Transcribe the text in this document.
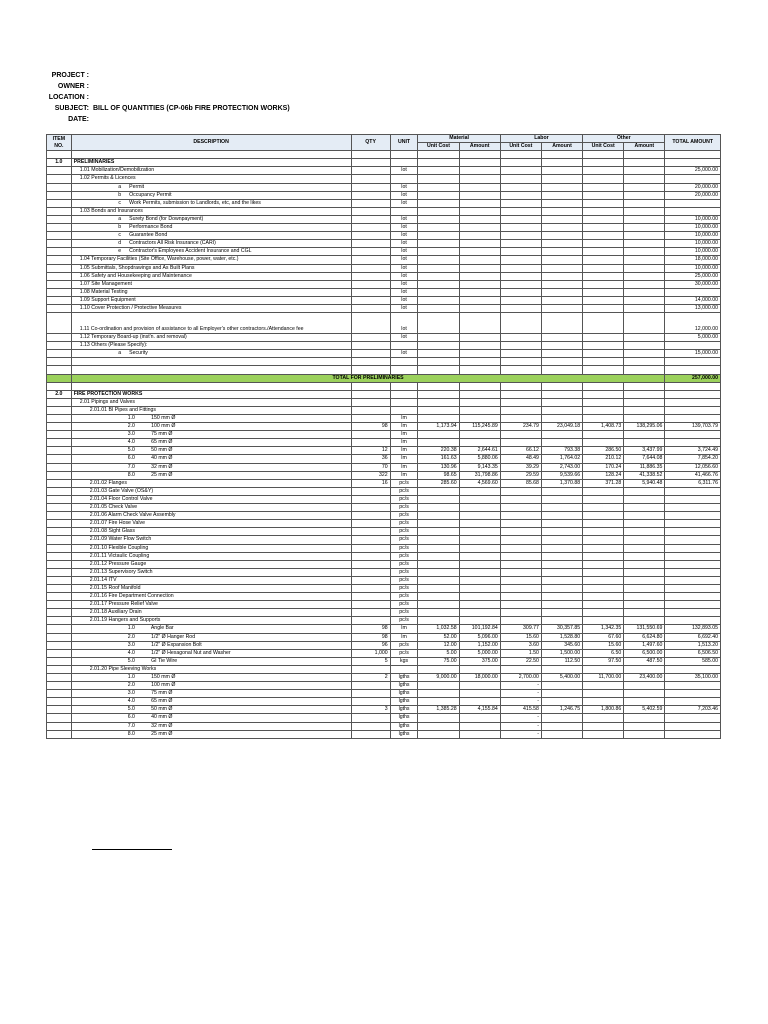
PROJECT :
OWNER :
LOCATION :
SUBJECT: BILL OF QUANTITIES (CP-06b FIRE PROTECTION WORKS)
DATE:
ITEM NO.	DESCRIPTION	QTY	UNIT	Material		Labor		Other		TOTAL AMOUNT
				Unit Cost	Amount	Unit Cost	Amount	Unit Cost	Amount	

1.0	PRELIMINARIES									
	1.01 Mobilization/Demobilization		lot							25,000.00
	1.02 Permits & Licences									
	a Permit		lot							20,000.00
	b Occupancy Permit		lot							20,000.00
	c Work Permits, submission to Landlords, etc, and the likes		lot							
	1.03 Bonds and Insurances									
	a Surety Bond (for Downpayment)		lot							10,000.00
	b Performance Bond		lot							10,000.00
	c Guarantee Bond		lot							10,000.00
	d Contractors All Risk Insurance (CARI)		lot							10,000.00
	e Contractor's Employees Accident Insurance and CGL		lot							10,000.00
	1.04 Temporary Facilities (Site Office, Warehouse, power, water, etc.)		lot							18,000.00
	1.05 Submittals, Shopdrawings and As Built Plans		lot							10,000.00
	1.06 Safety and Housekeeping and Maintenance		lot							25,000.00
	1.07 Site Management		lot							30,000.00
	1.08 Material Testing		lot							
	1.09 Support Equipment		lot							14,000.00
	1.10 Cover Protection / Protective Measures		lot							13,000.00
	1.11 Co-ordination and provision of assistance to all Employer's other contractors./Attendance fee		lot							12,000.00
	1.12 Temporary Board-up (inst'n. and removal)		lot							5,000.00
	1.13 Others (Please Specify):									
	a Security		lot							15,000.00

	TOTAL FOR PRELIMINARIES									257,000.00

2.0	FIRE PROTECTION WORKS									
	2.01 Pipings and Valves									
	2.01.01 BI Pipes and Fittings									
	1.0 150 mm Ø		lm							
	2.0 100 mm Ø	98	lm	1,173.94	115,245.89	234.79	23,049.18	1,408.73	138,295.06	139,703.79
	3.0 75 mm Ø		lm							
	4.0 65 mm Ø		lm							
	5.0 50 mm Ø	12	lm	220.38	2,644.61	66.12	793.38	286.50	3,437.99	3,724.49
	6.0 40 mm Ø	36	lm	161.63	5,880.06	48.49	1,764.02	210.12	7,644.08	7,854.20
	7.0 32 mm Ø	70	lm	130.96	9,143.35	39.29	2,743.00	170.24	11,886.35	12,056.60
	8.0 25 mm Ø	322	lm	98.65	31,798.86	29.59	9,539.66	128.24	41,338.52	41,466.76
	2.01.02 Flanges	16	pc/s	285.60	4,569.60	85.68	1,370.88	371.28	5,940.48	6,311.76
	2.01.03 Gate Valve (OS&Y)		pc/s							
	2.01.04 Floor Control Valve		pc/s							
	2.01.05 Check Valve		pc/s							
	2.01.06 Alarm Check Valve Assembly		pc/s							
	2.01.07 Fire Hose Valve		pc/s							
	2.01.08 Sight Glass		pc/s							
	2.01.09 Water Flow Switch		pc/s							
	2.01.10 Flexible Coupling		pc/s							
	2.01.11 Victaulic Coupling		pc/s							
	2.01.12 Pressure Gauge		pc/s							
	2.01.13 Supervisory Switch		pc/s							
	2.01.14 ITV		pc/s							
	2.01.15 Roof Manifold		pc/s							
	2.01.16 Fire Department Connection		pc/s							
	2.01.17 Pressure Relief Valve		pc/s							
	2.01.18 Auxiliary Drain		pc/s							
	2.01.19 Hangers and Supports		pc/s							
	1.0 Angle Bar	98	lm	1,032.58	101,192.84	309.77	30,357.85	1,342.35	131,550.69	132,893.05
	2.0 1/2" Ø Hanger Rod	98	lm	52.00	5,096.00	15.60	1,528.80	67.60	6,624.80	6,692.40
	3.0 1/2" Ø Expansion Bolt	96	pc/s	12.00	1,152.00	3.60	345.60	15.60	1,497.60	1,513.20
	4.0 1/2" Ø Hexagonal Nut and Washer	1,000	pc/s	5.00	5,000.00	1.50	1,500.00	6.50	6,500.00	6,506.50
	5.0 GI Tie Wire	5	kgs	75.00	375.00	22.50	112.50	97.50	487.50	585.00
	2.01.20 Pipe Sleeving Works									
	1.0 150 mm Ø	2	lgths	9,000.00	18,000.00	2,700.00	5,400.00	11,700.00	23,400.00	35,100.00
	2.0 100 mm Ø		lgths			-				
	3.0 75 mm Ø		lgths			-				
	4.0 65 mm Ø		lgths			-				
	5.0 50 mm Ø	3	lgths	1,385.28	4,155.84	415.58	1,246.75	1,800.86	5,402.59	7,203.46
	6.0 40 mm Ø		lgths			-				
	7.0 32 mm Ø		lgths			-				
	8.0 25 mm Ø		lgths			-				
